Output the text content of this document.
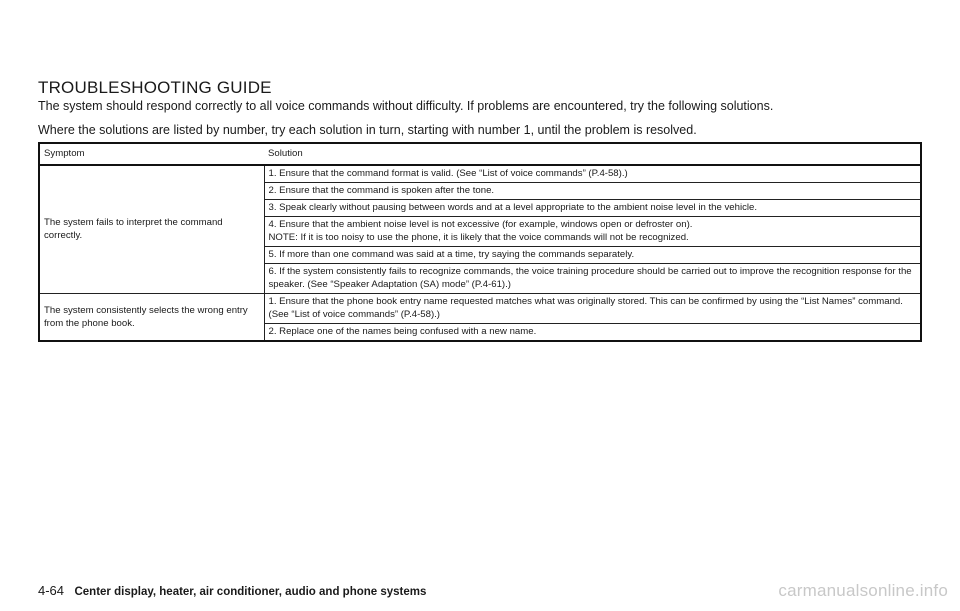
TROUBLESHOOTING GUIDE
The system should respond correctly to all voice commands without difficulty. If problems are encountered, try the following solutions.
Where the solutions are listed by number, try each solution in turn, starting with number 1, until the problem is resolved.
Symptom	Solution
The system fails to interpret the command correctly.	1. Ensure that the command format is valid. (See “List of voice commands” (P.4-58).)
	2. Ensure that the command is spoken after the tone.
	3. Speak clearly without pausing between words and at a level appropriate to the ambient noise level in the vehicle.

	4. Ensure that the ambient noise level is not excessive (for example, windows open or defroster on).
NOTE: If it is too noisy to use the phone, it is likely that the voice commands will not be recognized.

	5. If more than one command was said at a time, try saying the commands separately.
	6. If the system consistently fails to recognize commands, the voice training procedure should be carried out to improve the recognition response for the speaker. (See “Speaker Adaptation (SA) mode” (P.4-61).)
The system consistently selects the wrong entry from the phone book.	1. Ensure that the phone book entry name requested matches what was originally stored. This can be confirmed by using the “List Names” command. (See “List of voice commands” (P.4-58).)
	2. Replace one of the names being confused with a new name.
4-64 Center display, heater, air conditioner, audio and phone systems	carmanualsonline.info
